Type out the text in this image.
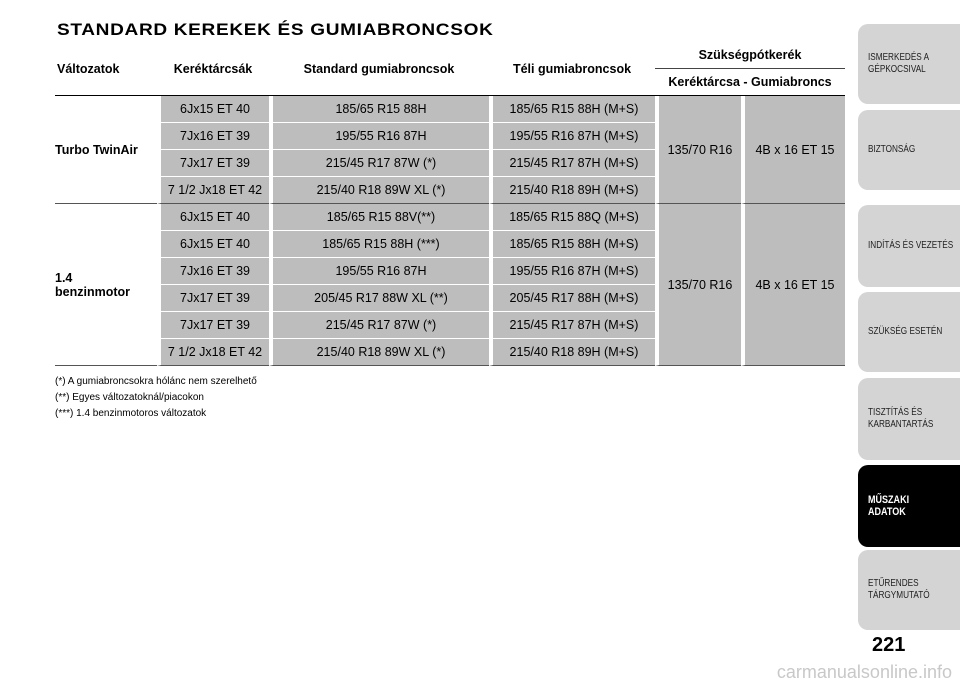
STANDARD KEREKEK ÉS GUMIABRONCSOK
Változatok	Keréktárcsák	Standard gumiabroncsok	Téli gumiabroncsok	Szükségpótkerék	
				Keréktárcsa - Gumiabroncs	

Turbo TwinAir	6Jx15 ET 40	185/65 R15 88H	185/65 R15 88H (M+S)	135/70 R16	4B x 16 ET 15
	7Jx16 ET 39	195/55 R16 87H	195/55 R16 87H (M+S)		
	7Jx17 ET 39	215/45 R17 87W (*)	215/45 R17 87H (M+S)		
	7 1/2 Jx18 ET 42	215/40 R18 89W XL (*)	215/40 R18 89H (M+S)		

1.4
benzinmotor	6Jx15 ET 40	185/65 R15 88V(**)	185/65 R15 88Q (M+S)	135/70 R16	4B x 16 ET 15
	6Jx15 ET 40	185/65 R15 88H (***)	185/65 R15 88H (M+S)		
	7Jx16 ET 39	195/55 R16 87H	195/55 R16 87H (M+S)		
	7Jx17 ET 39	205/45 R17 88W XL (**)	205/45 R17 88H (M+S)		
	7Jx17 ET 39	215/45 R17 87W (*)	215/45 R17 87H (M+S)		
	7 1/2 Jx18 ET 42	215/40 R18 89W XL (*)	215/40 R18 89H (M+S)		
(*) A gumiabroncsokra hólánc nem szerelhető
(**) Egyes változatoknál/piacokon
(***) 1.4 benzinmotoros változatok
ISMERKEDÉS A
GÉPKOCSIVAL
BIZTONSÁG
INDÍTÁS ÉS VEZETÉS
SZÜKSÉG ESETÉN
TISZTÍTÁS ÉS
KARBANTARTÁS
MŰSZAKI
ADATOK
ETŰRENDES
TÁRGYMUTATÓ
221
carmanualsonline.info
